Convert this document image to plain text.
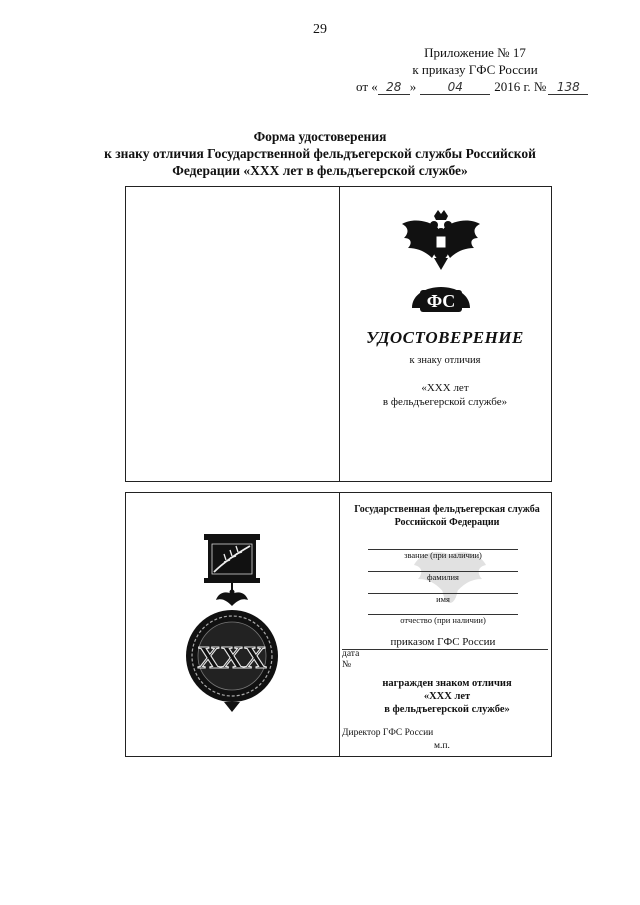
29
Приложение № 17
к приказу ГФС России
от « 28 »	04 2016 г. № 138
Форма удостоверения
к знаку отличия Государственной фельдъегерской службы Российской
Федерации «XXX лет в фельдъегерской службе»
ФС
УДОСТОВЕРЕНИЕ
к знаку отличия
«XXX лет
в фельдъегерской службе»
XXX
Государственная фельдъегерская служба
Российской Федерации
звание (при наличии)
фамилия
имя
отчество (при наличии)
приказом ГФС России
дата
№
награжден знаком отличия
«XXX лет
в фельдъегерской службе»
Директор ГФС России
м.п.
